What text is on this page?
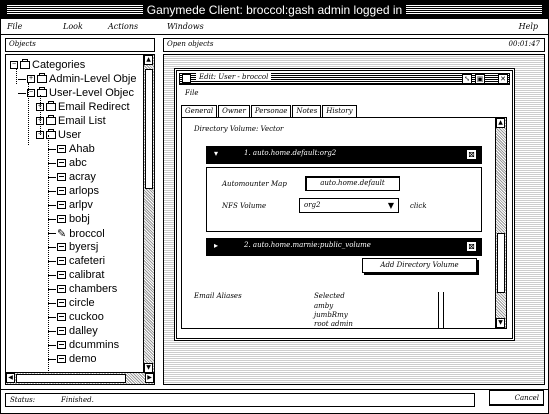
Ganymede Client: broccol:gash admin logged in
File	Look	Actions	Windows	Help
Objects
− Categories
+ Admin-Level Obje
− User-Level Objec
+ Email Redirect
+ Email List
− User
Ahab
abc
acray
arlops
arlpv
bobj
✎ broccol
byersj
cafeteri
calibrat
chambers
circle
cuckoo
dalley
dcummins
demo
▲
▼
◀	▶
Open objects	00:01:47
Edit: User - broccol	⤡ ▣ ✕
File
General	Owner	Personae	Notes	History
Directory Volume: Vector
▾	1. auto.home.default:org2	⊠
Automounter Map	auto.home.default
NFS Volume	org2	▼ click
▸	2. auto.home.marnie:public_volume	⊠
Add Directory Volume
Email Aliases	Selected
amby
jumbRmy
root admin
▲
▼
Status:	Finished.	Cancel
